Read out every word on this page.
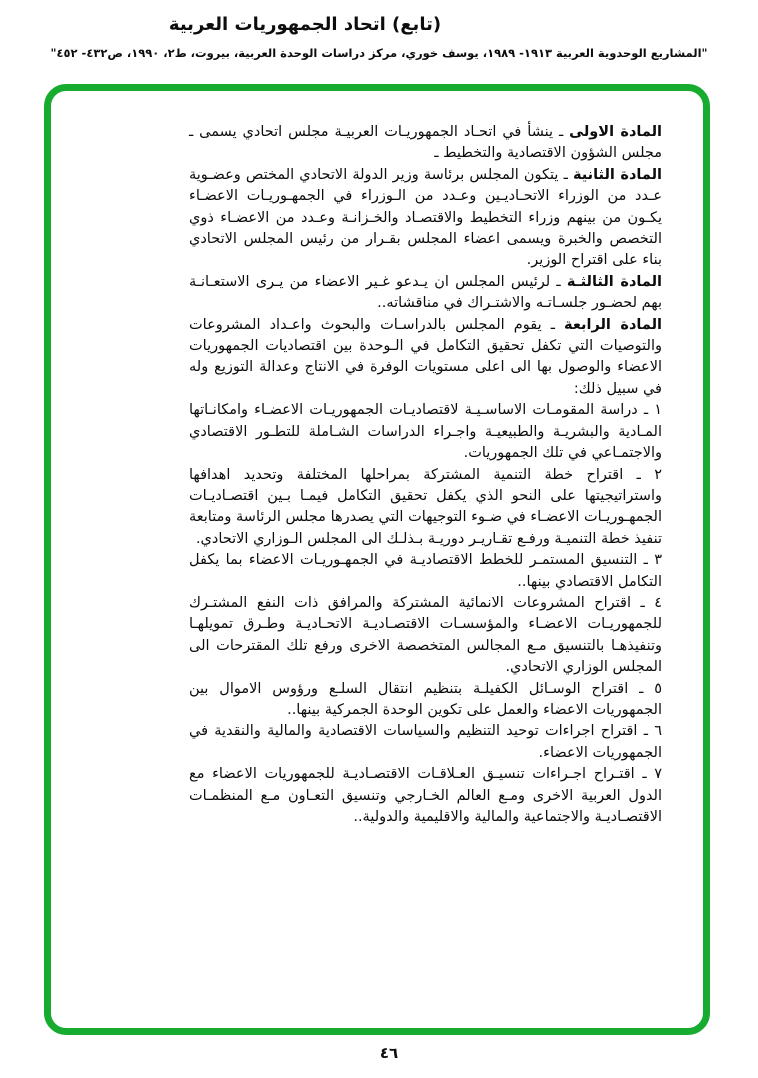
(تابع) اتحاد الجمهوريات العربية
"المشاريع الوحدوية العربية ١٩١٣- ١٩٨٩، يوسف خوري، مركز دراسات الوحدة العربية، بيروت، ط٢، ١٩٩٠، ص٤٣٢- ٤٥٢"

المادة الاولى ـ ينشأ في اتحـاد الجمهوريـات العربيـة مجلس اتحادي يسمى ـ مجلس الشؤون الاقتصادية والتخطيط ـ

المادة الثانية ـ يتكون المجلس برئاسة وزير الدولة الاتحادي المختص وعضـوية عـدد من الوزراء الاتحـاديـين وعـدد من الـوزراء في الجمهـوريـات الاعضـاء يكـون من بينهم وزراء التخطيط والاقتصـاد والخـزانـة وعـدد من الاعضـاء ذوي التخصص والخبرة ويسمى اعضاء المجلس بقـرار من رئيس المجلس الاتحادي بناء على اقتراح الوزير.

المادة الثالثـة ـ لرئيس المجلس ان يـدعو غـير الاعضاء من يـرى الاستعـانـة بهم لحضـور جلسـاتـه والاشتـراك في مناقشاته..

المادة الرابعة ـ يقوم المجلس بالدراسـات والبحوث واعـداد المشروعات والتوصيات التي تكفل تحقيق التكامل في الـوحدة بين اقتصاديات الجمهوريات الاعضاء والوصول بها الى اعلى مستويات الوفرة في الانتاج وعدالة التوزيع وله في سبيل ذلك:

١ ـ دراسة المقومـات الاساسـيـة لاقتصاديـات الجمهوريـات الاعضـاء وامكانـاتها المـادية والبشريـة والطبيعيـة واجـراء الدراسات الشـاملة للتطـور الاقتصادي والاجتمـاعي في تلك الجمهوريات.

٢ ـ اقتراح خطة التنمية المشتركة بمراحلها المختلفة وتحديد اهدافها واستراتيجيتها على النحو الذي يكفل تحقيق التكامل فيمـا بـين اقتصـاديـات الجمهـوريـات الاعضـاء في ضـوء التوجيهات التي يصدرها مجلس الرئاسة ومتابعة تنفيذ خطة التنميـة ورفـع تقـاريـر دوريـة بـذلـك الى المجلس الـوزاري الاتحادي.

٣ ـ التنسيق المستمـر للخطط الاقتصاديـة في الجمهـوريـات الاعضاء بما يكفل التكامل الاقتصادي بينها..

٤ ـ اقتراح المشروعات الانمائية المشتركة والمرافق ذات النفع المشتـرك للجمهوريـات الاعضـاء والمؤسسـات الاقتصـاديـة الاتحـاديـة وطـرق تمويلهـا وتنفيذهـا بالتنسيق مـع المجالس المتخصصة الاخرى ورفع تلك المقترحات الى المجلس الوزاري الاتحادي.

٥ ـ اقتراح الوسـائل الكفيلـة بتنظيم انتقال السلـع ورؤوس الاموال بين الجمهوريات الاعضاء والعمل على تكوين الوحدة الجمركية بينها..

٦ ـ اقتراح اجراءات توحيد التنظيم والسياسات الاقتصادية والمالية والنقدية في الجمهوريات الاعضاء.

٧ ـ اقتـراح اجـراءات تنسيـق العـلاقـات الاقتصـاديـة للجمهوريات الاعضاء مع الدول العربية الاخرى ومـع العالم الخـارجي وتنسيق التعـاون مـع المنظمـات الاقتصـاديـة والاجتماعية والمالية والاقليمية والدولية..

٤٦
